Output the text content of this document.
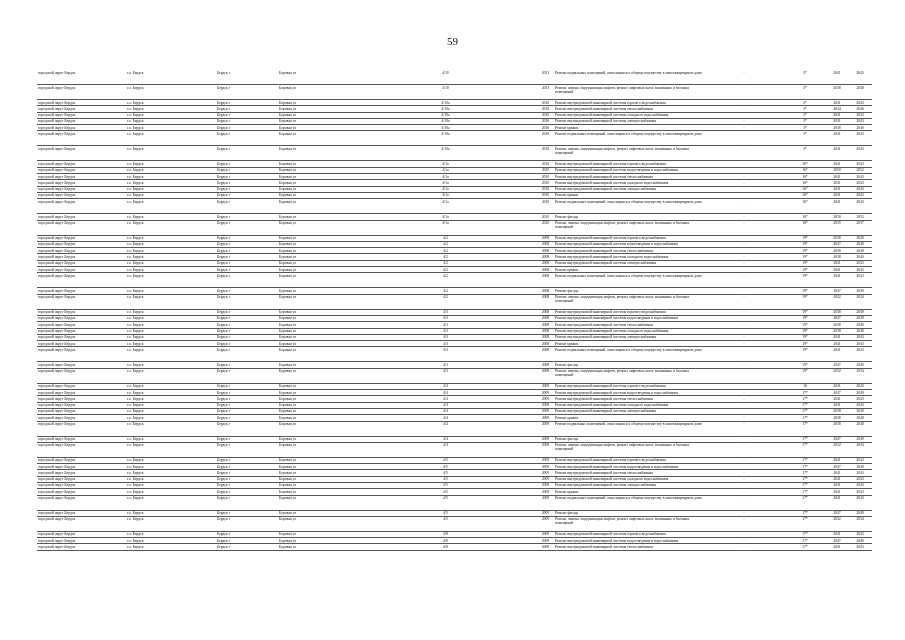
59
городской округ Бердск	г.о. Бердск	Бердск г	Боровая ул	4/10	2013	Ремонт подвальных помещений, относящихся к общему имуществу в многоквартирном доме	-	3*	2041	2043
городской округ Бердск	г.о. Бердск	Бердск г	Боровая ул	4/10	2013	Ремонт, замена, модернизация лифтов, ремонт лифтовых шахт, машинных и блочных помещений	-	3*	2038	2040
городской округ Бердск	г.о. Бердск	Бердск г	Боровая ул	4/10а	2016	Ремонт внутридомовой инженерной системы горячего водоснабжения	-	3*	2041	2043
городской округ Бердск	г.о. Бердск	Бердск г	Боровая ул	4/10а	2016	Ремонт внутридомовой инженерной системы теплоснабжения	-	3*	2044	2046
городской округ Бердск	г.о. Бердск	Бердск г	Боровая ул	4/10а	2016	Ремонт внутридомовой инженерной системы холодного водоснабжения	-	3*	2041	2043
городской округ Бердск	г.о. Бердск	Бердск г	Боровая ул	4/10а	2016	Ремонт внутридомовой инженерной системы электроснабжения	-	3*	2041	2043
городской округ Бердск	г.о. Бердск	Бердск г	Боровая ул	4/10а	2016	Ремонт крыши	-	3*	2038	2040
городской округ Бердск	г.о. Бердск	Бердск г	Боровая ул	4/10а	2016	Ремонт подвальных помещений, относящихся к общему имуществу в многоквартирном доме	-	3*	2041	2043
городской округ Бердск	г.о. Бердск	Бердск г	Боровая ул	4/10а	2016	Ремонт, замена, модернизация лифтов, ремонт лифтовых шахт, машинных и блочных помещений	-	3*	2041	2043
городской округ Бердск	г.о. Бердск	Бердск г	Боровая ул	4/1а	2010	Ремонт внутридомовой инженерной системы горячего водоснабжения	-	16*	2041	2043
городской округ Бердск	г.о. Бердск	Бердск г	Боровая ул	4/1а	2010	Ремонт внутридомовой инженерной системы водоотведения и водоснабжения	-	16*	2050	2052
городской округ Бердск	г.о. Бердск	Бердск г	Боровая ул	4/1а	2010	Ремонт внутридомовой инженерной системы теплоснабжения	-	16*	2041	2043
городской округ Бердск	г.о. Бердск	Бердск г	Боровая ул	4/1а	2010	Ремонт внутридомовой инженерной системы холодного водоснабжения	-	16*	2041	2043
городской округ Бердск	г.о. Бердск	Бердск г	Боровая ул	4/1а	2010	Ремонт внутридомовой инженерной системы электроснабжения	-	16*	2041	2043
городской округ Бердск	г.о. Бердск	Бердск г	Боровая ул	4/1а	2010	Ремонт крыши	-	16*	2041	2043
городской округ Бердск	г.о. Бердск	Бердск г	Боровая ул	4/1а	2010	Ремонт подвальных помещений, относящихся к общему имуществу в многоквартирном доме	-	16*	2041	2043
городской округ Бердск	г.о. Бердск	Бердск г	Боровая ул	4/1а	2010	Ремонт фасада	-	16*	2050	2052
городской округ Бердск	г.о. Бердск	Бердск г	Боровая ул	4/1а	2010	Ремонт, замена, модернизация лифтов, ремонт лифтовых шахт, машинных и блочных помещений	-	16*	2035	2037
городской округ Бердск	г.о. Бердск	Бердск г	Боровая ул	4/2	2008	Ремонт внутридомовой инженерной системы горячего водоснабжения	-	19*	2038	2040
городской округ Бердск	г.о. Бердск	Бердск г	Боровая ул	4/2	2008	Ремонт внутридомовой инженерной системы водоотведения и водоснабжения	-	19*	2047	2049
городской округ Бердск	г.о. Бердск	Бердск г	Боровая ул	4/2	2008	Ремонт внутридомовой инженерной системы теплоснабжения	-	19*	2038	2040
городской округ Бердск	г.о. Бердск	Бердск г	Боровая ул	4/2	2008	Ремонт внутридомовой инженерной системы холодного водоснабжения	-	19*	2038	2040
городской округ Бердск	г.о. Бердск	Бердск г	Боровая ул	4/2	2008	Ремонт внутридомовой инженерной системы электроснабжения	-	19*	2041	2043
городской округ Бердск	г.о. Бердск	Бердск г	Боровая ул	4/2	2008	Ремонт крыши	-	19*	2041	2043
городской округ Бердск	г.о. Бердск	Бердск г	Боровая ул	4/2	2008	Ремонт подвальных помещений, относящихся к общему имуществу в многоквартирном доме	-	19*	2041	2043
городской округ Бердск	г.о. Бердск	Бердск г	Боровая ул	4/2	2008	Ремонт фасада	-	19*	2047	2049
городской округ Бердск	г.о. Бердск	Бердск г	Боровая ул	4/2	2008	Ремонт, замена, модернизация лифтов, ремонт лифтовых шахт, машинных и блочных помещений	-	19*	2032	2034
городской округ Бердск	г.о. Бердск	Бердск г	Боровая ул	4/3	2008	Ремонт внутридомовой инженерной системы горячего водоснабжения	-	19*	2038	2040
городской округ Бердск	г.о. Бердск	Бердск г	Боровая ул	4/3	2008	Ремонт внутридомовой инженерной системы водоотведения и водоснабжения	-	19*	2047	2049
городской округ Бердск	г.о. Бердск	Бердск г	Боровая ул	4/3	2008	Ремонт внутридомовой инженерной системы теплоснабжения	-	19*	2038	2040
городской округ Бердск	г.о. Бердск	Бердск г	Боровая ул	4/3	2008	Ремонт внутридомовой инженерной системы холодного водоснабжения	-	19*	2038	2040
городской округ Бердск	г.о. Бердск	Бердск г	Боровая ул	4/3	2008	Ремонт внутридомовой инженерной системы электроснабжения	-	19*	2041	2043
городской округ Бердск	г.о. Бердск	Бердск г	Боровая ул	4/3	2008	Ремонт крыши	-	19*	2041	2043
городской округ Бердск	г.о. Бердск	Бердск г	Боровая ул	4/3	2008	Ремонт подвальных помещений, относящихся к общему имуществу в многоквартирном доме	-	19*	2041	2043
городской округ Бердск	г.о. Бердск	Бердск г	Боровая ул	4/3	2008	Ремонт фасада	-	19*	2047	2049
городской округ Бердск	г.о. Бердск	Бердск г	Боровая ул	4/3	2008	Ремонт, замена, модернизация лифтов, ремонт лифтовых шахт, машинных и блочных помещений	-	19*	2032	2034
городской округ Бердск	г.о. Бердск	Бердск г	Боровая ул	4/4	2009	Ремонт внутридомовой инженерной системы горячего водоснабжения	-	16	2041	2043
городской округ Бердск	г.о. Бердск	Бердск г	Боровая ул	4/4	2009	Ремонт внутридомовой инженерной системы водоотведения и водоснабжения	-	17*	2047	2049
городской округ Бердск	г.о. Бердск	Бердск г	Боровая ул	4/4	2009	Ремонт внутридомовой инженерной системы теплоснабжения	-	17*	2041	2043
городской округ Бердск	г.о. Бердск	Бердск г	Боровая ул	4/4	2009	Ремонт внутридомовой инженерной системы холодного водоснабжения	-	17*	2041	2043
городской округ Бердск	г.о. Бердск	Бердск г	Боровая ул	4/4	2009	Ремонт внутридомовой инженерной системы электроснабжения	-	17*	2038	2040
городской округ Бердск	г.о. Бердск	Бердск г	Боровая ул	4/4	2009	Ремонт крыши	-	17*	2038	2040
городской округ Бердск	г.о. Бердск	Бердск г	Боровая ул	4/4	2009	Ремонт подвальных помещений, относящихся к общему имуществу в многоквартирном доме	-	17*	2038	2040
городской округ Бердск	г.о. Бердск	Бердск г	Боровая ул	4/4	2009	Ремонт фасада	-	17*	2047	2049
городской округ Бердск	г.о. Бердск	Бердск г	Боровая ул	4/4	2009	Ремонт, замена, модернизация лифтов, ремонт лифтовых шахт, машинных и блочных помещений	-	17*	2032	2034
городской округ Бердск	г.о. Бердск	Бердск г	Боровая ул	4/5	2009	Ремонт внутридомовой инженерной системы горячего водоснабжения	-	17*	2041	2043
городской округ Бердск	г.о. Бердск	Бердск г	Боровая ул	4/5	2009	Ремонт внутридомовой инженерной системы водоотведения и водоснабжения	-	17*	2047	2049
городской округ Бердск	г.о. Бердск	Бердск г	Боровая ул	4/5	2009	Ремонт внутридомовой инженерной системы теплоснабжения	-	17*	2041	2043
городской округ Бердск	г.о. Бердск	Бердск г	Боровая ул	4/5	2009	Ремонт внутридомовой инженерной системы холодного водоснабжения	-	17*	2041	2043
городской округ Бердск	г.о. Бердск	Бердск г	Боровая ул	4/5	2009	Ремонт внутридомовой инженерной системы электроснабжения	-	17*	2041	2043
городской округ Бердск	г.о. Бердск	Бердск г	Боровая ул	4/5	2009	Ремонт крыши	-	17*	2041	2043
городской округ Бердск	г.о. Бердск	Бердск г	Боровая ул	4/5	2009	Ремонт подвальных помещений, относящихся к общему имуществу в многоквартирном доме	-	17*	2041	2043
городской округ Бердск	г.о. Бердск	Бердск г	Боровая ул	4/5	2009	Ремонт фасада	-	17*	2047	2049
городской округ Бердск	г.о. Бердск	Бердск г	Боровая ул	4/5	2009	Ремонт, замена, модернизация лифтов, ремонт лифтовых шахт, машинных и блочных помещений	-	17*	2032	2034
городской округ Бердск	г.о. Бердск	Бердск г	Боровая ул	4/8	2009	Ремонт внутридомовой инженерной системы горячего водоснабжения	-	17*	2041	2043
городской округ Бердск	г.о. Бердск	Бердск г	Боровая ул	4/8	2009	Ремонт внутридомовой инженерной системы водоотведения и водоснабжения	-	17*	2047	2049
городской округ Бердск	г.о. Бердск	Бердск г	Боровая ул	4/8	2009	Ремонт внутридомовой инженерной системы теплоснабжения	-	17*	2041	2043
